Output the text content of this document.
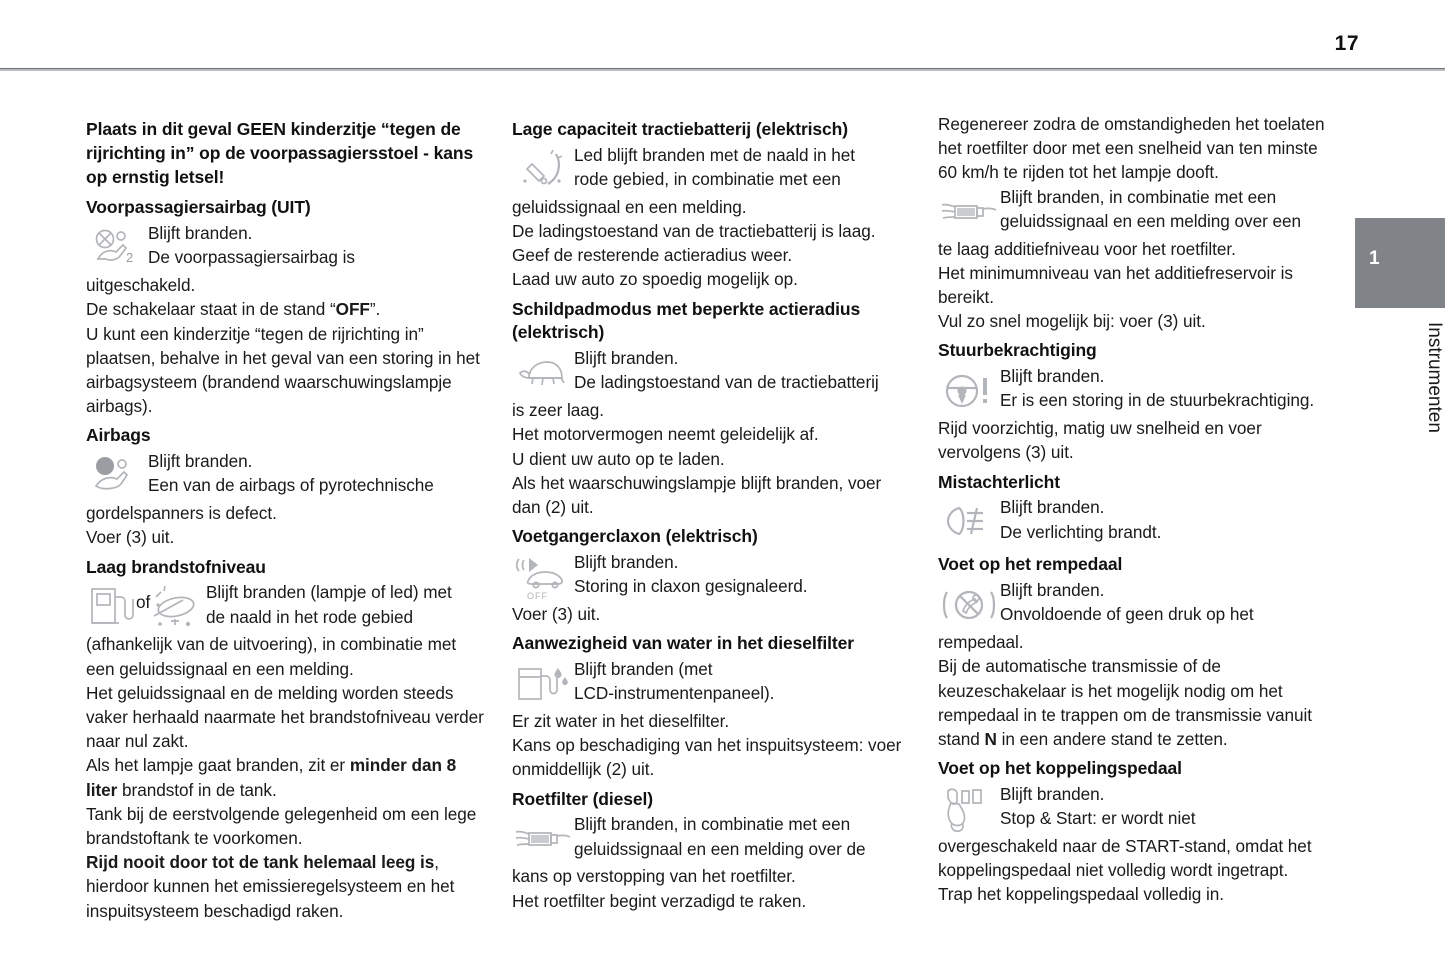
17
1
Instrumenten
Plaats in dit geval GEEN kinderzitje “tegen de rijrichting in” op de voorpassagiersstoel - kans op ernstig letsel!
Voorpassagiersairbag (UIT)
2
Blijft branden.
De voorpassagiersairbag is

uitgeschakeld.

De schakelaar staat in de stand “OFF”.

U kunt een kinderzitje “tegen de rijrichting in” plaatsen, behalve in het geval van een storing in het airbagsysteem (brandend waarschuwingslampje airbags).

Airbags
Blijft branden.
Een van de airbags of pyrotechnische

gordelspanners is defect.

Voer (3) uit.

Laag brandstofniveau
of	Blijft branden (lampje of led) met
de naald in het rode gebied

(afhankelijk van de uitvoering), in combinatie met een geluidssignaal en een melding.

Het geluidssignaal en de melding worden steeds vaker herhaald naarmate het brandstofniveau verder naar nul zakt.

Als het lampje gaat branden, zit er minder dan 8 liter brandstof in de tank.

Tank bij de eerstvolgende gelegenheid om een lege brandstoftank te voorkomen.

Rijd nooit door tot de tank helemaal leeg is, hierdoor kunnen het emissieregelsysteem en het inspuitsysteem beschadigd raken.

Lage capaciteit tractiebatterij (elektrisch)
Led blijft branden met de naald in het
rode gebied, in combinatie met een

geluidssignaal en een melding.

De ladingstoestand van de tractiebatterij is laag.

Geef de resterende actieradius weer.

Laad uw auto zo spoedig mogelijk op.

Schildpadmodus met beperkte actieradius (elektrisch)
Blijft branden.
De ladingstoestand van de tractiebatterij

is zeer laag.

Het motorvermogen neemt geleidelijk af.

U dient uw auto op te laden.

Als het waarschuwingslampje blijft branden, voer dan (2) uit.

Voetgangerclaxon (elektrisch)
OFF
Blijft branden.
Storing in claxon gesignaleerd.

Voer (3) uit.

Aanwezigheid van water in het dieselfilter
Blijft branden (met
LCD-instrumentenpaneel).

Er zit water in het dieselfilter.

Kans op beschadiging van het inspuitsysteem: voer onmiddellijk (2) uit.

Roetfilter (diesel)
Blijft branden, in combinatie met een
geluidssignaal en een melding over de

kans op verstopping van het roetfilter.

Het roetfilter begint verzadigd te raken.

Regenereer zodra de omstandigheden het toelaten het roetfilter door met een snelheid van ten minste 60 km/h te rijden tot het lampje dooft.

Blijft branden, in combinatie met een
geluidssignaal en een melding over een

te laag additiefniveau voor het roetfilter.

Het minimumniveau van het additiefreservoir is bereikt.

Vul zo snel mogelijk bij: voer (3) uit.

Stuurbekrachtiging
Blijft branden.
Er is een storing in de stuurbekrachtiging.

Rijd voorzichtig, matig uw snelheid en voer vervolgens (3) uit.

Mistachterlicht
Blijft branden.
De verlichting brandt.
Voet op het rempedaal
Blijft branden.
Onvoldoende of geen druk op het

rempedaal.

Bij de automatische transmissie of de keuzeschakelaar is het mogelijk nodig om het rempedaal in te trappen om de transmissie vanuit stand N in een andere stand te zetten.

Voet op het koppelingspedaal
Blijft branden.
Stop & Start: er wordt niet

overgeschakeld naar de START-stand, omdat het koppelingspedaal niet volledig wordt ingetrapt.

Trap het koppelingspedaal volledig in.
